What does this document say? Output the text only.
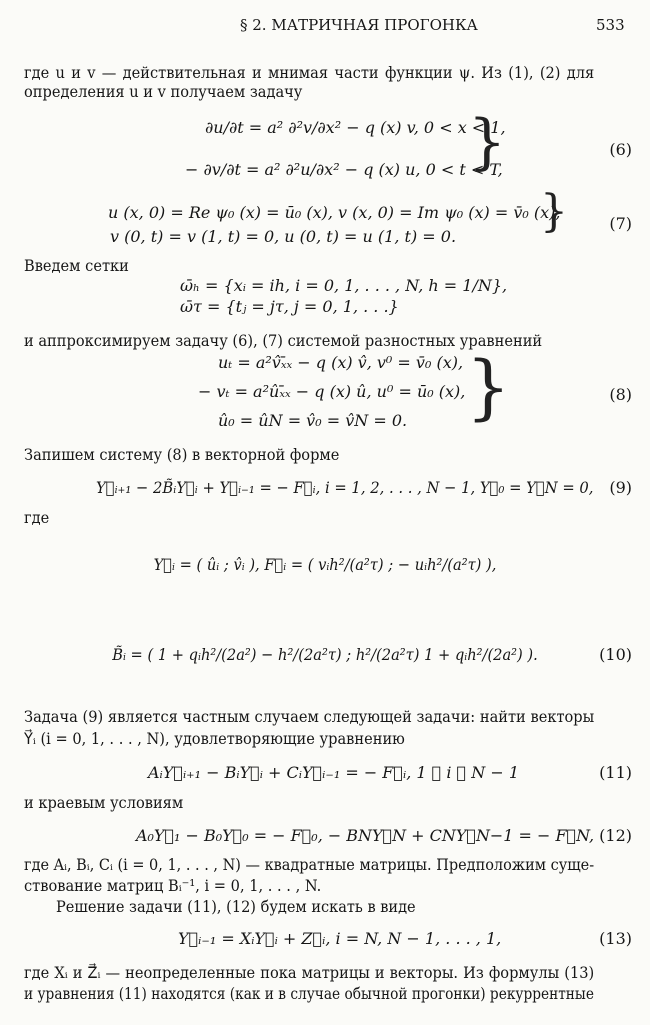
§ 2. МАТРИЧНАЯ ПРОГОНКА	533
где u и v — действительная и мнимая части функции ψ. Из (1), (2) для
определения u и v получаем задачу
∂u/∂t = a² ∂²v/∂x² − q (x) v, 0 < x < 1,
− ∂v/∂t = a² ∂²u/∂x² − q (x) u, 0 < t < T,
}	(6)
u (x, 0) = Re ψ₀ (x) = ū₀ (x), v (x, 0) = Im ψ₀ (x) = v̄₀ (x),
v (0, t) = v (1, t) = 0, u (0, t) = u (1, t) = 0. }	(7)
Введем сетки
ω̄ₕ = {xᵢ = ih, i = 0, 1, . . . , N, h = 1/N},
ω̄τ = {tⱼ = jτ, j = 0, 1, . . .}
и аппроксимируем задачу (6), (7) системой разностных уравнений
uₜ = a²v̂ₓ̄ₓ − q (x) v̂, v⁰ = v̄₀ (x),
− vₜ = a²ûₓ̄ₓ − q (x) û, u⁰ = ū₀ (x),
û₀ = ûN = v̂₀ = v̂N = 0. }	(8)
Запишем систему (8) в векторной форме
Y⃗ᵢ₊₁ − 2B̃ᵢY⃗ᵢ + Y⃗ᵢ₋₁ = − F⃗ᵢ, i = 1, 2, . . . , N − 1, Y⃗₀ = Y⃗N = 0, (9)
где
Y⃗ᵢ = ( ûᵢ ; v̂ᵢ ), F⃗ᵢ = ( vᵢh²/(a²τ) ; − uᵢh²/(a²τ) ),
B̃ᵢ = ( 1 + qᵢh²/(2a²) − h²/(2a²τ) ; h²/(2a²τ) 1 + qᵢh²/(2a²) ).	(10)
Задача (9) является частным случаем следующей задачи: найти векторы
Y⃗ᵢ (i = 0, 1, . . . , N), удовлетворяющие уравнению
AᵢY⃗ᵢ₊₁ − BᵢY⃗ᵢ + CᵢY⃗ᵢ₋₁ = − F⃗ᵢ, 1 ⩽ i ⩽ N − 1	(11)
и краевым условиям
A₀Y⃗₁ − B₀Y⃗₀ = − F⃗₀, − BNY⃗N + CNY⃗N−1 = − F⃗N, (12)
где Aᵢ, Bᵢ, Cᵢ (i = 0, 1, . . . , N) — квадратные матрицы. Предположим суще-
ствование матриц Bᵢ⁻¹, i = 0, 1, . . . , N.
Решение задачи (11), (12) будем искать в виде
Y⃗ᵢ₋₁ = XᵢY⃗ᵢ + Z⃗ᵢ, i = N, N − 1, . . . , 1,	(13)
где Xᵢ и Z⃗ᵢ — неопределенные пока матрицы и векторы. Из формулы (13)
и уравнения (11) находятся (как и в случае обычной прогонки) рекуррентные
